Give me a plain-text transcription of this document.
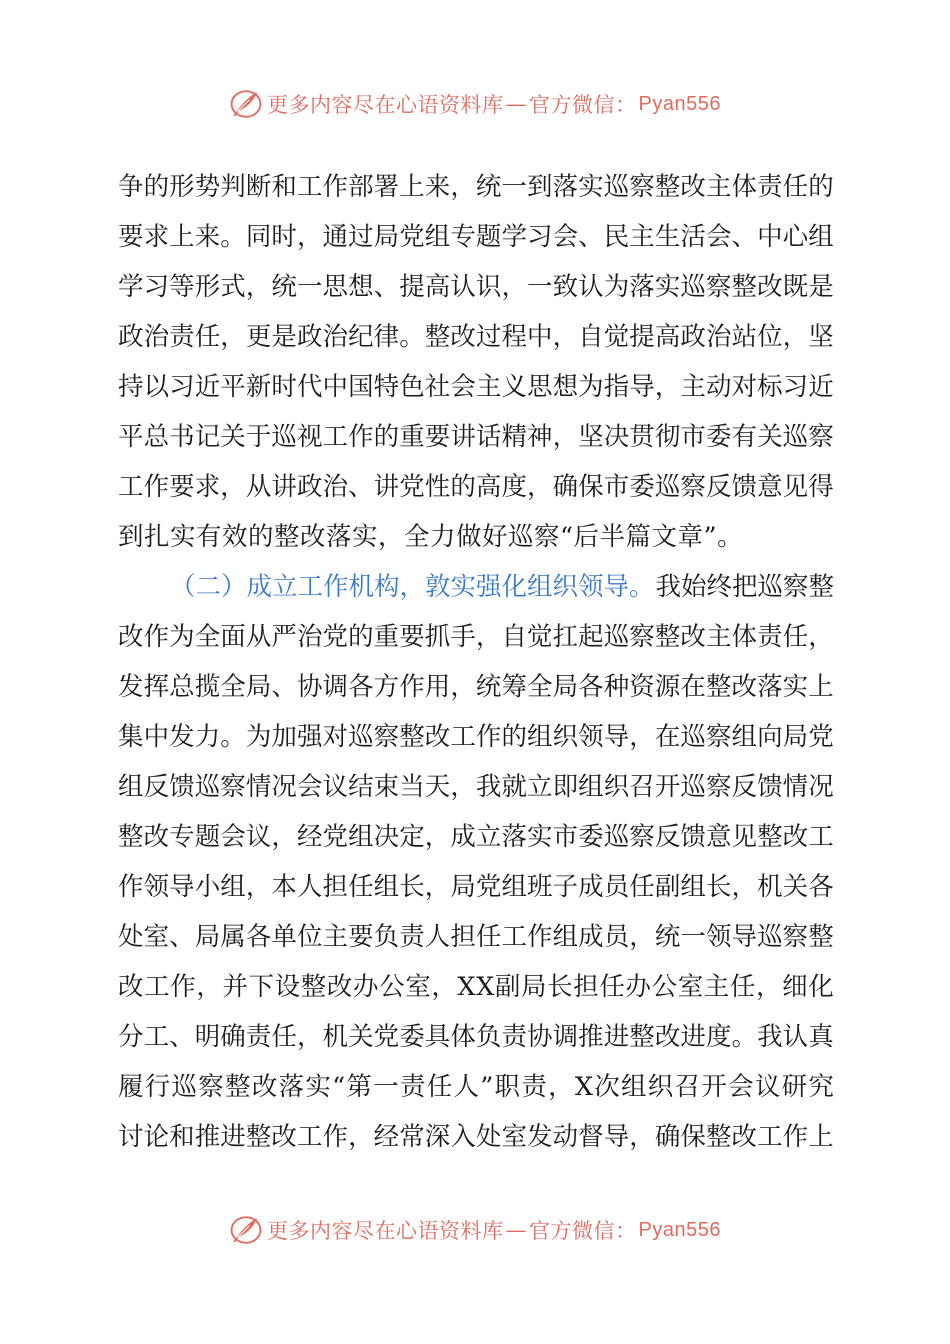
更多内容尽在心语资料库 — 官方微信： Pyan556
争 的 形 势 判 断 和 工 作 部 署 上 来 ， 统 一 到 落 实 巡 察 整 改 主 体 责 任 的
要 求 上 来 。 同 时 ， 通 过 局 党 组 专 题 学 习 会 、 民 主 生 活 会 、 中 心 组
学 习 等 形 式 ， 统 一 思 想 、 提 高 认 识 ， 一 致 认 为 落 实 巡 察 整 改 既 是
政 治 责 任 ， 更 是 政 治 纪 律 。 整 改 过 程 中 ， 自 觉 提 高 政 治 站 位 ， 坚
持 以 习 近 平 新 时 代 中 国 特 色 社 会 主 义 思 想 为 指 导 ， 主 动 对 标 习 近
平 总 书 记 关 于 巡 视 工 作 的 重 要 讲 话 精 神 ， 坚 决 贯 彻 市 委 有 关 巡 察
工 作 要 求 ， 从 讲 政 治 、 讲 党 性 的 高 度 ， 确 保 市 委 巡 察 反 馈 意 见 得
到扎实有效的整改落实，全力做好巡察“后半篇文章”。
（二）成立工作机构，敦实强化组织领导。 我始终把巡察整
改 作 为 全 面 从 严 治 党 的 重 要 抓 手 ， 自 觉 扛 起 巡 察 整 改 主 体 责 任 ，
发 挥 总 揽 全 局 、 协 调 各 方 作 用 ， 统 筹 全 局 各 种 资 源 在 整 改 落 实 上
集 中 发 力 。 为 加 强 对 巡 察 整 改 工 作 的 组 织 领 导 ， 在 巡 察 组 向 局 党
组 反 馈 巡 察 情 况 会 议 结 束 当 天 ， 我 就 立 即 组 织 召 开 巡 察 反 馈 情 况
整 改 专 题 会 议 ， 经 党 组 决 定 ， 成 立 落 实 市 委 巡 察 反 馈 意 见 整 改 工
作 领 导 小 组 ， 本 人 担 任 组 长 ， 局 党 组 班 子 成 员 任 副 组 长 ， 机 关 各
处 室 、 局 属 各 单 位 主 要 负 责 人 担 任 工 作 组 成 员 ， 统 一 领 导 巡 察 整
改 工 作 ， 并 下 设 整 改 办 公 室 ， X X 副 局 长 担 任 办 公 室 主 任 ， 细 化
分 工 、 明 确 责 任 ， 机 关 党 委 具 体 负 责 协 调 推 进 整 改 进 度 。 我 认 真
履 行 巡 察 整 改 落 实 “ 第 一 责 任 人 ” 职 责 ， X 次 组 织 召 开 会 议 研 究
讨 论 和 推 进 整 改 工 作 ， 经 常 深 入 处 室 发 动 督 导 ， 确 保 整 改 工 作 上
更多内容尽在心语资料库 — 官方微信： Pyan556
